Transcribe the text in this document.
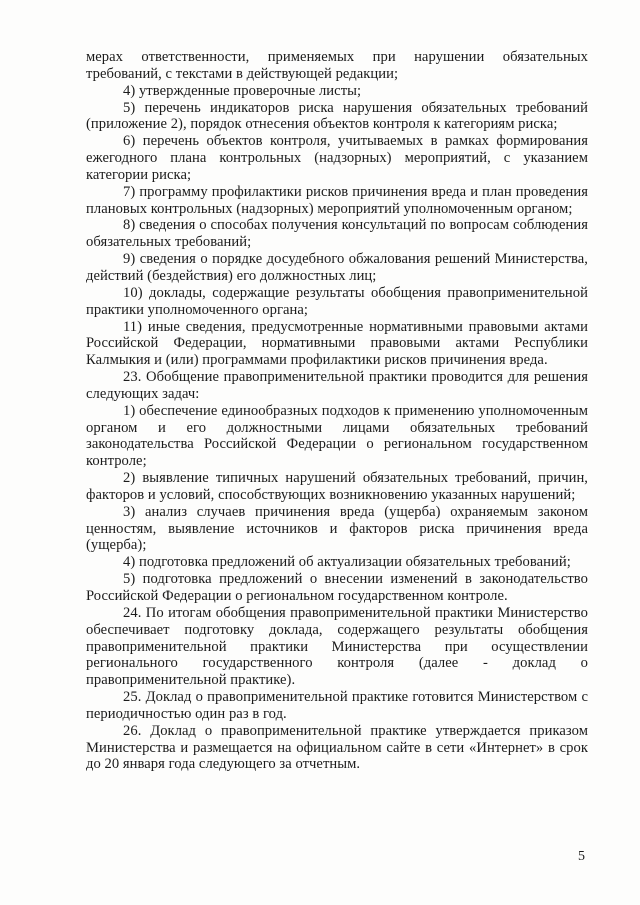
мерах ответственности, применяемых при нарушении обязательных требований, с текстами в действующей редакции;

4) утвержденные проверочные листы;

5) перечень индикаторов риска нарушения обязательных требований (приложение 2), порядок отнесения объектов контроля к категориям риска;

6) перечень объектов контроля, учитываемых в рамках формирования ежегодного плана контрольных (надзорных) мероприятий, с указанием категории риска;

7) программу профилактики рисков причинения вреда и план проведения плановых контрольных (надзорных) мероприятий уполномоченным органом;

8) сведения о способах получения консультаций по вопросам соблюдения обязательных требований;

9) сведения о порядке досудебного обжалования решений Министерства, действий (бездействия) его должностных лиц;

10) доклады, содержащие результаты обобщения правоприменительной практики уполномоченного органа;

11) иные сведения, предусмотренные нормативными правовыми актами Российской Федерации, нормативными правовыми актами Республики Калмыкия и (или) программами профилактики рисков причинения вреда.

23. Обобщение правоприменительной практики проводится для решения следующих задач:

1) обеспечение единообразных подходов к применению уполномоченным органом и его должностными лицами обязательных требований законодательства Российской Федерации о региональном государственном контроле;

2) выявление типичных нарушений обязательных требований, причин, факторов и условий, способствующих возникновению указанных нарушений;

3) анализ случаев причинения вреда (ущерба) охраняемым законом ценностям, выявление источников и факторов риска причинения вреда (ущерба);

4) подготовка предложений об актуализации обязательных требований;

5) подготовка предложений о внесении изменений в законодательство Российской Федерации о региональном государственном контроле.

24. По итогам обобщения правоприменительной практики Министерство обеспечивает подготовку доклада, содержащего результаты обобщения правоприменительной практики Министерства при осуществлении регионального государственного контроля (далее - доклад о правоприменительной практике).

25. Доклад о правоприменительной практике готовится Министерством с периодичностью один раз в год.

26. Доклад о правоприменительной практике утверждается приказом Министерства и размещается на официальном сайте в сети «Интернет» в срок до 20 января года следующего за отчетным.

5
